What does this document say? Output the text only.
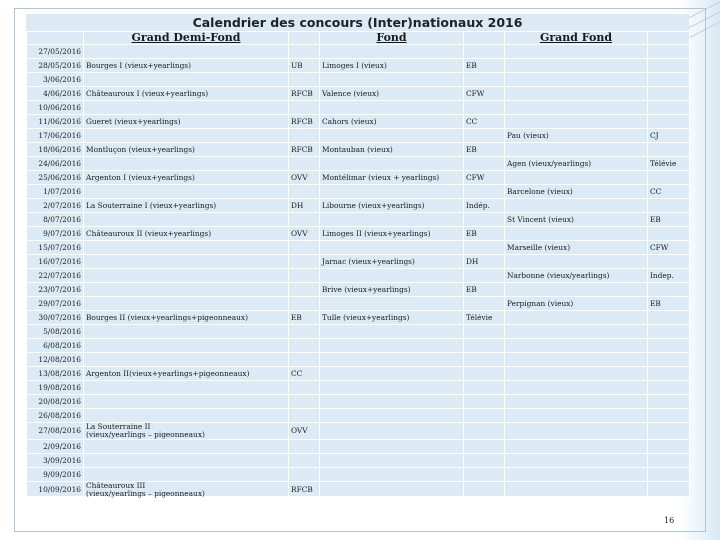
Calendrier des concours (Inter)nationaux 2016
	Grand Demi-Fond		Fond		Grand Fond	
27/05/2016						
28/05/2016	Bourges I (vieux+yearlings)	UB	Limoges I (vieux)	EB		
3/06/2016						
4/06/2016	Châteauroux I (vieux+yearlings)	RFCB	Valence (vieux)	CFW		
10/06/2016						
11/06/2016	Gueret (vieux+yearlings)	RFCB	Cahors (vieux)	CC		
17/06/2016					Pau (vieux)	CJ
18/06/2016	Montluçon (vieux+yearlings)	RFCB	Montauban (vieux)	EB		
24/06/2016					Agen (vieux/yearlings)	Télévie
25/06/2016	Argenton I (vieux+yearlings)	OVV	Montélimar (vieux + yearlings)	CFW		
1/07/2016					Barcelone (vieux)	CC
2/07/2016	La Souterraine I (vieux+yearlings)	DH	Libourne (vieux+yearlings)	Indép.		
8/07/2016					St Vincent (vieux)	EB
9/07/2016	Châteauroux II (vieux+yearlings)	OVV	Limoges II (vieux+yearlings)	EB		
15/07/2016					Marseille (vieux)	CFW
16/07/2016			Jarnac (vieux+yearlings)	DH		
22/07/2016					Narbonne (vieux/yearlings)	Indep.
23/07/2016			Brive (vieux+yearlings)	EB		
29/07/2016					Perpignan (vieux)	EB
30/07/2016	Bourges II (vieux+yearlings+pigeonneaux)	EB	Tulle (vieux+yearlings)	Télévie		
5/08/2016						
6/08/2016						
12/08/2016						
13/08/2016	Argenton II(vieux+yearlings+pigeonneaux)	CC				
19/08/2016						
20/08/2016						
26/08/2016						
27/08/2016	La Souterraine II
(vieux/yearlings – pigeonneaux)	OVV				
2/09/2016						
3/09/2016						
9/09/2016						
10/09/2016	Châteauroux III
(vieux/yearlings – pigeonneaux)	RFCB				
16
